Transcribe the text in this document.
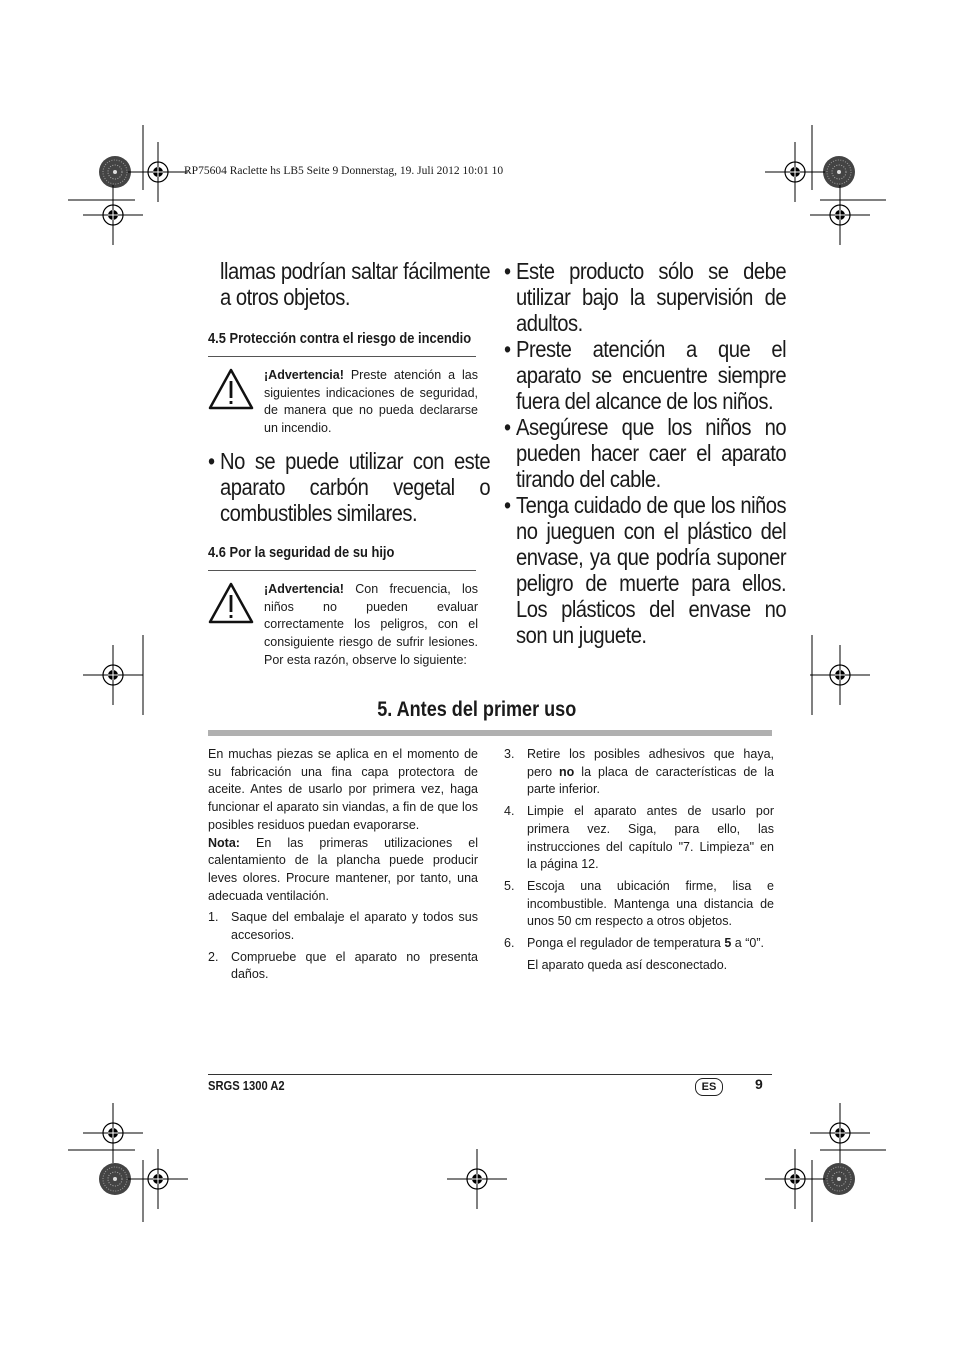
RP75604 Raclette hs LB5 Seite 9 Donnerstag, 19. Juli 2012 10:01 10

llamas podrían saltar fácilmente a otros objetos.

4.5 Protección contra el riesgo de incendio
¡Advertencia! Preste atención a las siguientes indicaciones de seguridad, de manera que no pueda declararse un incendio.
• No se puede utilizar con este aparato carbón vegetal o combustibles similares.
4.6 Por la seguridad de su hijo
¡Advertencia! Con frecuencia, los niños no pueden evaluar correctamente los peligros, con el consiguiente riesgo de sufrir lesiones. Por esta razón, observe lo siguiente:
• Este producto sólo se debe utilizar bajo la supervisión de adultos.
• Preste atención a que el aparato se encuentre siempre fuera del alcance de los niños.
• Asegúrese que los niños no pueden hacer caer el aparato tirando del cable.
• Tenga cuidado de que los niños no jueguen con el plástico del envase, ya que podría suponer peligro de muerte para ellos. Los plásticos del envase no son un juguete.
5. Antes del primer uso
En muchas piezas se aplica en el momento de su fabricación una fina capa protectora de aceite. Antes de usarlo por primera vez, haga funcionar el aparato sin viandas, a fin de que los posibles residuos puedan evaporarse.
Nota: En las primeras utilizaciones el calentamiento de la plancha puede producir leves olores. Procure mantener, por tanto, una adecuada ventilación.
1.	Saque del embalaje el aparato y todos sus accesorios.
2.	Compruebe que el aparato no presenta daños.
3.	Retire los posibles adhesivos que haya, pero no la placa de características de la parte inferior.
4.	Limpie el aparato antes de usarlo por primera vez. Siga, para ello, las instrucciones del capítulo "7. Limpieza" en la página 12.
5.	Escoja una ubicación firme, lisa e incombustible. Mantenga una distancia de unos 50 cm respecto a otros objetos.
6.	Ponga el regulador de temperatura 5 a “0”.
El aparato queda así desconectado.
SRGS 1300 A2	ES	9
